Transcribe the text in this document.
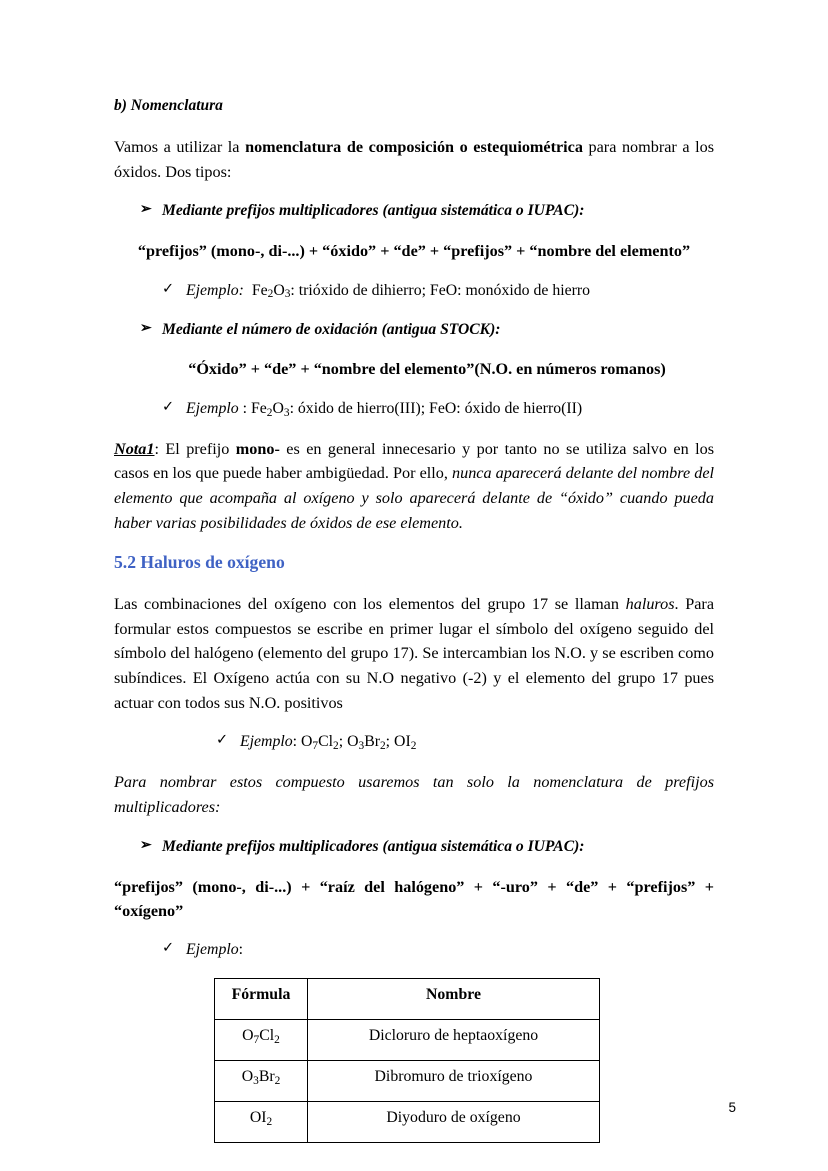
b) Nomenclatura

Vamos a utilizar la nomenclatura de composición o estequiométrica para nombrar a los óxidos. Dos tipos:

➢ Mediante prefijos multiplicadores (antigua sistemática o IUPAC):
“prefijos” (mono-, di-...) + “óxido” + “de” + “prefijos” + “nombre del elemento”
✓ Ejemplo: $Fe_2O_3$: trióxido de dihierro; FeO: monóxido de hierro
➢ Mediante el número de oxidación (antigua STOCK):
“Óxido” + “de” + “nombre del elemento”(N.O. en números romanos)
✓ Ejemplo : $Fe_2O_3$: óxido de hierro(III); FeO: óxido de hierro(II)

Nota1: El prefijo mono- es en general innecesario y por tanto no se utiliza salvo en los casos en los que puede haber ambigüedad. Por ello, nunca aparecerá delante del nombre del elemento que acompaña al oxígeno y solo aparecerá delante de “óxido” cuando pueda haber varias posibilidades de óxidos de ese elemento.

5.2 Haluros de oxígeno

Las combinaciones del oxígeno con los elementos del grupo 17 se llaman haluros. Para formular estos compuestos se escribe en primer lugar el símbolo del oxígeno seguido del símbolo del halógeno (elemento del grupo 17). Se intercambian los N.O. y se escriben como subíndices. El Oxígeno actúa con su N.O negativo (-2) y el elemento del grupo 17 pues actuar con todos sus N.O. positivos

✓ Ejemplo: $O_7Cl_2$; $O_3Br_2$; $OI_2$

Para nombrar estos compuesto usaremos tan solo la nomenclatura de prefijos multiplicadores:

➢ Mediante prefijos multiplicadores (antigua sistemática o IUPAC):
“prefijos” (mono-, di-...) + “raíz del halógeno” + “-uro” + “de” + “prefijos” + “oxígeno”
✓ Ejemplo:
Fórmula	Nombre
$O_7Cl_2$	Dicloruro de heptaoxígeno
$O_3Br_2$	Dibromuro de trioxígeno
$OI_2$	Diyoduro de oxígeno
5
